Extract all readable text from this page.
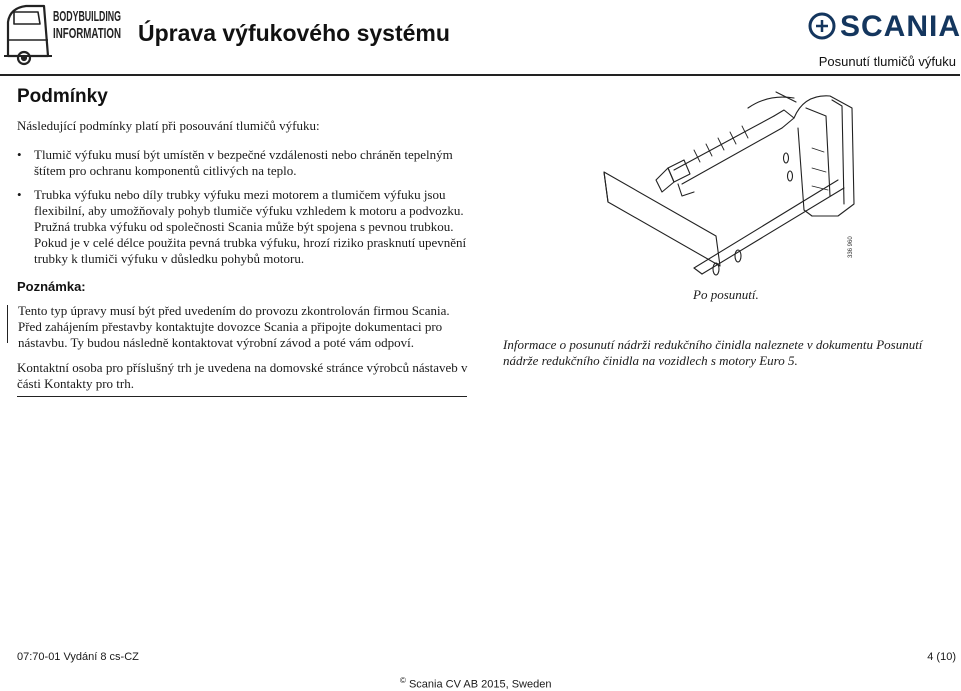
BODYBUILDING
INFORMATION Úprava výfukového systému	SCANIA
Posunutí tlumičů výfuku
Podmínky

Následující podmínky platí při posouvání tlumičů výfuku:

• Tlumič výfuku musí být umístěn v bezpečné vzdálenosti nebo chráněn tepelným štítem pro ochranu komponentů citlivých na teplo.
• Trubka výfuku nebo díly trubky výfuku mezi motorem a tlumičem výfuku jsou flexibilní, aby umožňovaly pohyb tlumiče výfuku vzhledem k motoru a podvozku. Pružná trubka výfuku od společnosti Scania může být spojena s pevnou trubkou. Pokud je v celé délce použita pevná trubka výfuku, hrozí riziko prasknutí upevnění trubky k tlumiči výfuku v důsledku pohybů motoru.
Poznámka:

Tento typ úpravy musí být před uvedením do provozu zkontrolován firmou Scania. Před zahájením přestavby kontaktujte dovozce Scania a připojte dokumentaci pro nástavbu. Ty budou následně kontaktovat výrobní závod a poté vám odpoví.

Kontaktní osoba pro příslušný trh je uvedena na domovské stránce výrobců nástaveb v části Kontakty pro trh.

336 960
Po posunutí.

Informace o posunutí nádrži redukčního činidla naleznete v dokumentu Posunutí nádrže redukčního činidla na vozidlech s motory Euro 5.

07:70-01 Vydání 8 cs-CZ	4 (10)
© Scania CV AB 2015, Sweden
